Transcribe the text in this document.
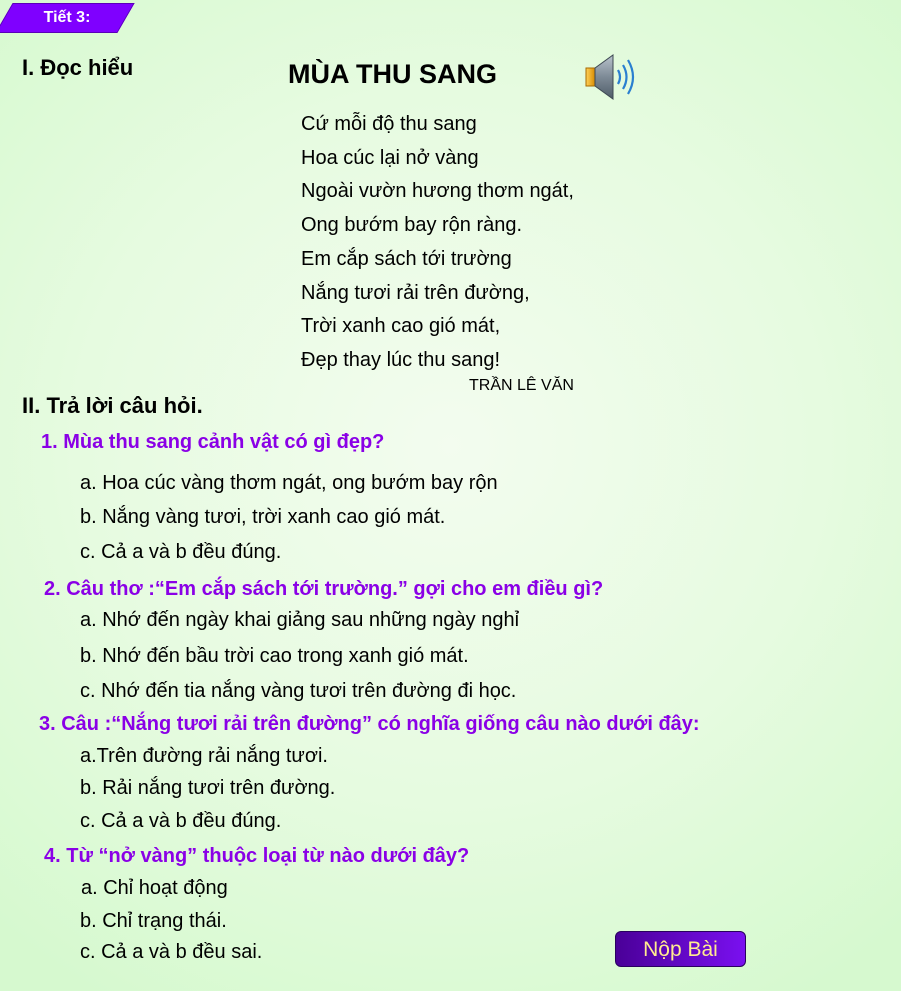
Tiết 3:
I. Đọc hiểu	MÙA THU SANG
Cứ mỗi độ thu sang
Hoa cúc lại nở vàng
Ngoài vườn hương thơm ngát,
Ong bướm bay rộn ràng.
Em cắp sách tới trường
Nắng tươi rải trên đường,
Trời xanh cao gió mát,
Đẹp thay lúc thu sang!
TRẦN LÊ VĂN
II. Trả lời câu hỏi.
1. Mùa thu sang cảnh vật có gì đẹp?
a. Hoa cúc vàng thơm ngát, ong bướm bay rộn
b. Nắng vàng tươi, trời xanh cao gió mát.
c. Cả a và b đều đúng.
2. Câu thơ :“Em cắp sách tới trường.” gợi cho em điều gì?
a. Nhớ đến ngày khai giảng sau những ngày nghỉ
b. Nhớ đến bầu trời cao trong xanh gió mát.
c. Nhớ đến tia nắng vàng tươi trên đường đi học.
3. Câu :“Nắng tươi rải trên đường” có nghĩa giống câu nào dưới đây:
a.Trên đường rải nắng tươi.
b. Rải nắng tươi trên đường.
c. Cả a và b đều đúng.
4. Từ “nở vàng” thuộc loại từ nào dưới đây?
a. Chỉ hoạt động
b. Chỉ trạng thái.
c. Cả a và b đều sai.	Nộp Bài
